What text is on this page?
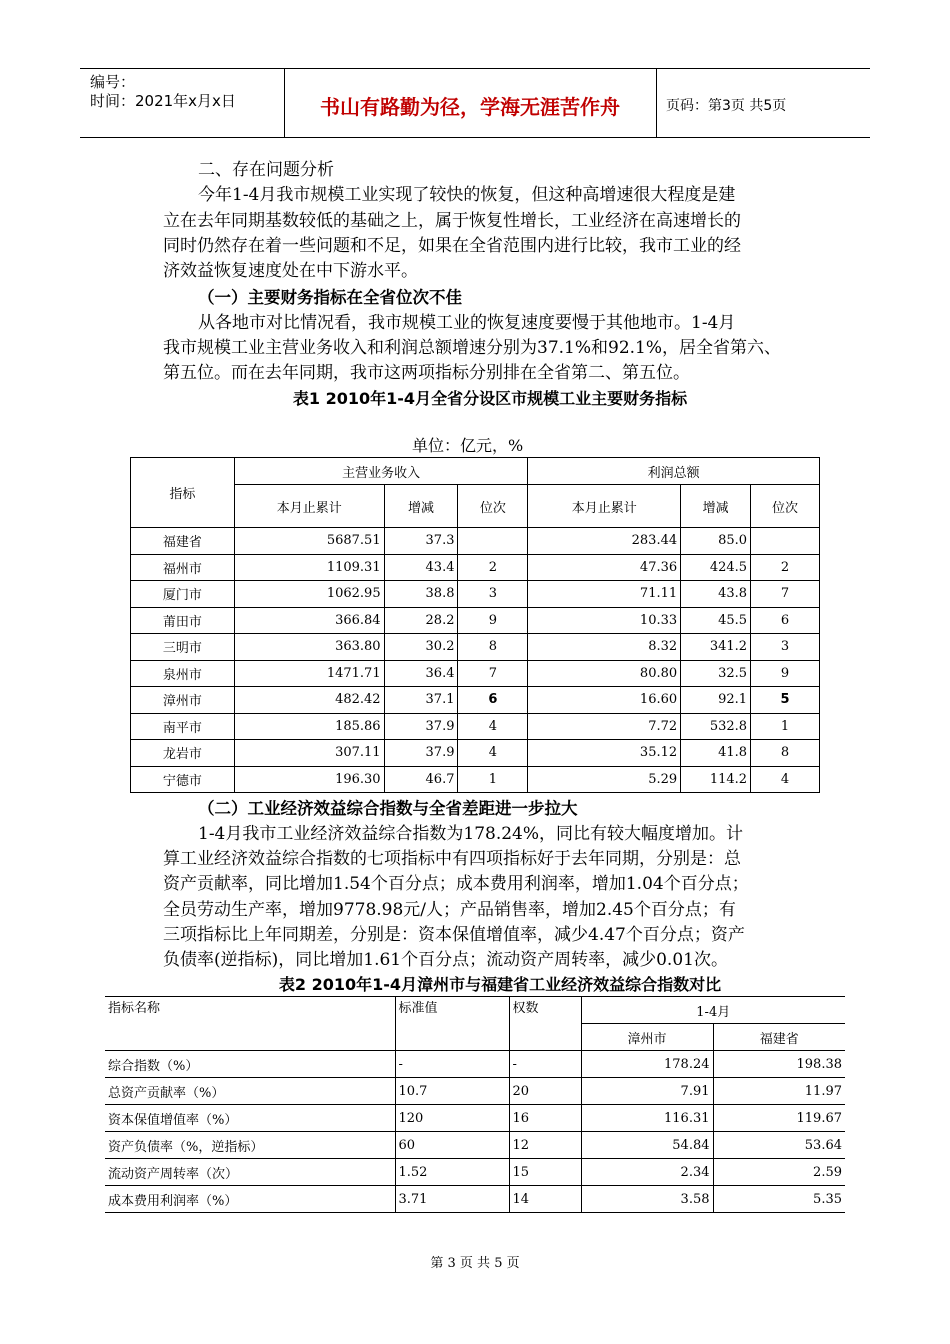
编号：
时间：2021年x月x日	书山有路勤为径，学海无涯苦作舟	页码：第3页 共5页
二、存在问题分析
今年1-4月我市规模工业实现了较快的恢复，但这种高增速很大程度是建
立在去年同期基数较低的基础之上，属于恢复性增长，工业经济在高速增长的
同时仍然存在着一些问题和不足，如果在全省范围内进行比较，我市工业的经
济效益恢复速度处在中下游水平。
（一）主要财务指标在全省位次不佳
从各地市对比情况看，我市规模工业的恢复速度要慢于其他地市。1-4月
我市规模工业主营业务收入和利润总额增速分别为37.1%和92.1%，居全省第六、
第五位。而在去年同期，我市这两项指标分别排在全省第二、第五位。
表1 2010年1-4月全省分设区市规模工业主要财务指标
单位：亿元，%
指标	主营业务收入			利润总额		
	本月止累计	增减	位次	本月止累计	增减	位次
福建省	5687.51	37.3		283.44	85.0	
福州市	1109.31	43.4	2	47.36	424.5	2
厦门市	1062.95	38.8	3	71.11	43.8	7
莆田市	366.84	28.2	9	10.33	45.5	6
三明市	363.80	30.2	8	8.32	341.2	3
泉州市	1471.71	36.4	7	80.80	32.5	9
漳州市	482.42	37.1	6	16.60	92.1	5
南平市	185.86	37.9	4	7.72	532.8	1
龙岩市	307.11	37.9	4	35.12	41.8	8
宁德市	196.30	46.7	1	5.29	114.2	4
（二）工业经济效益综合指数与全省差距进一步拉大
1-4月我市工业经济效益综合指数为178.24%，同比有较大幅度增加。计
算工业经济效益综合指数的七项指标中有四项指标好于去年同期，分别是：总
资产贡献率，同比增加1.54个百分点；成本费用利润率，增加1.04个百分点；
全员劳动生产率，增加9778.98元/人；产品销售率，增加2.45个百分点；有
三项指标比上年同期差，分别是：资本保值增值率，减少4.47个百分点；资产
负债率(逆指标)，同比增加1.61个百分点；流动资产周转率，减少0.01次。
表2 2010年1-4月漳州市与福建省工业经济效益综合指数对比
指标名称	标准值	权数	1-4月	
			漳州市	福建省
综合指数（%）	-	-	178.24	198.38
总资产贡献率（%）	10.7	20	7.91	11.97
资本保值增值率（%）	120	16	116.31	119.67
资产负债率（%，逆指标）	60	12	54.84	53.64
流动资产周转率（次）	1.52	15	2.34	2.59
成本费用利润率（%）	3.71	14	3.58	5.35
第 3 页 共 5 页
